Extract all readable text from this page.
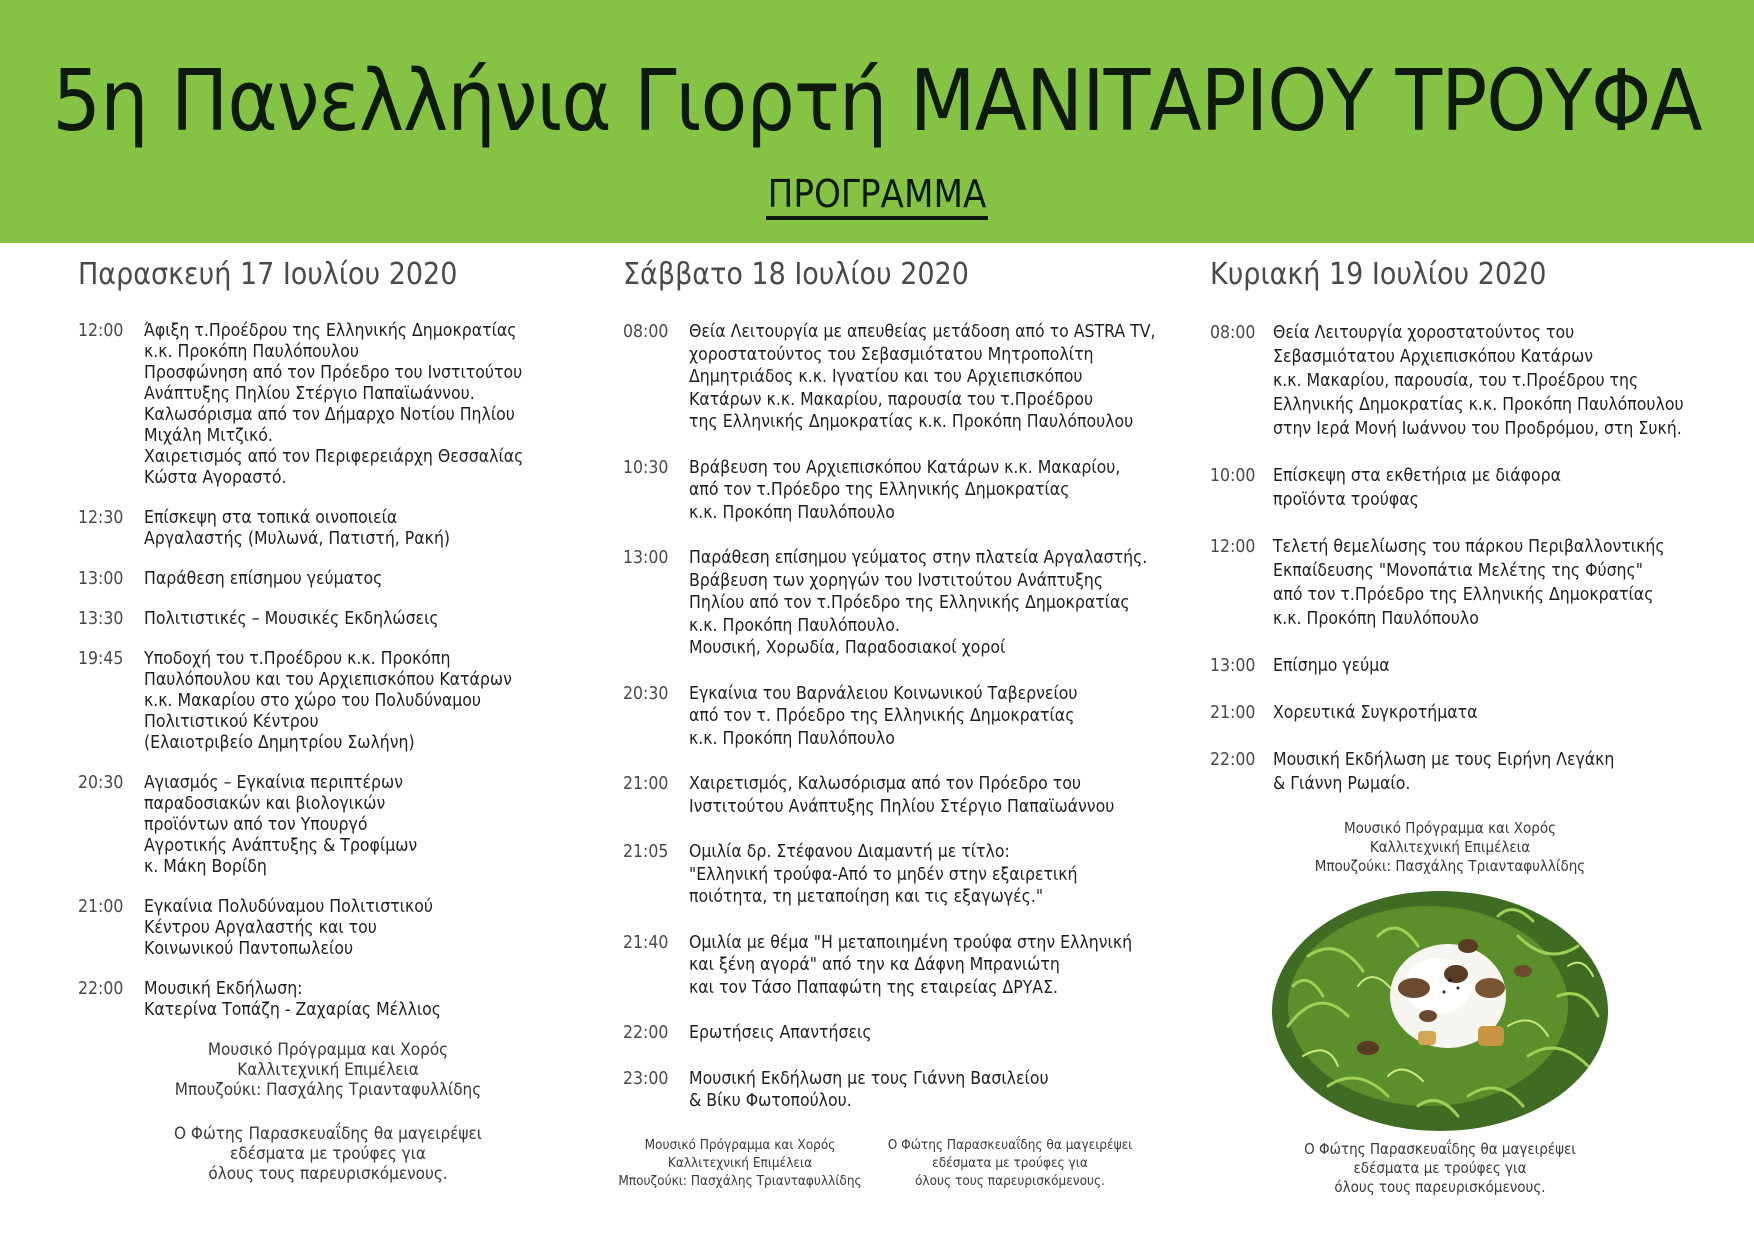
5η Πανελλήνια Γιορτή ΜΑΝΙΤΑΡΙΟΥ ΤΡΟΥΦΑ
ΠΡΟΓΡΑΜΜΑ
Παρασκευή 17 Ιουλίου 2020
12:00	Άφιξη τ.Προέδρου της Ελληνικής Δημοκρατίας
κ.κ. Προκόπη Παυλόπουλου
Προσφώνηση από τον Πρόεδρο του Ινστιτούτου
Ανάπτυξης Πηλίου Στέργιο Παπαϊωάννου.
Καλωσόρισμα από τον Δήμαρχο Νοτίου Πηλίου
Μιχάλη Μιτζικό.
Χαιρετισμός από τον Περιφερειάρχη Θεσσαλίας
Κώστα Αγοραστό.
12:30	Επίσκεψη στα τοπικά οινοποιεία
Αργαλαστής (Μυλωνά, Πατιστή, Ρακή)
13:00	Παράθεση επίσημου γεύματος
13:30	Πολιτιστικές – Μουσικές Εκδηλώσεις
19:45	Υποδοχή του τ.Προέδρου κ.κ. Προκόπη
Παυλόπουλου και του Αρχιεπισκόπου Κατάρων
κ.κ. Μακαρίου στο χώρο του Πολυδύναμου
Πολιτιστικού Κέντρου
(Ελαιοτριβείο Δημητρίου Σωλήνη)
20:30	Αγιασμός – Εγκαίνια περιπτέρων
παραδοσιακών και βιολογικών
προϊόντων από τον Υπουργό
Αγροτικής Ανάπτυξης & Τροφίμων
κ. Μάκη Βορίδη
21:00	Εγκαίνια Πολυδύναμου Πολιτιστικού
Κέντρου Αργαλαστής και του
Κοινωνικού Παντοπωλείου
22:00	Μουσική Εκδήλωση:
Κατερίνα Τοπάζη - Ζαχαρίας Μέλλιος
Μουσικό Πρόγραμμα και Χορός
Καλλιτεχνική Επιμέλεια
Μπουζούκι: Πασχάλης Τριανταφυλλίδης
Ο Φώτης Παρασκευαΐδης θα μαγειρέψει
εδέσματα με τρούφες για
όλους τους παρευρισκόμενους.
Σάββατο 18 Ιουλίου 2020
08:00	Θεία Λειτουργία με απευθείας μετάδοση από το ASTRA TV,
χοροστατούντος του Σεβασμιότατου Μητροπολίτη
Δημητριάδος κ.κ. Ιγνατίου και του Αρχιεπισκόπου
Κατάρων κ.κ. Μακαρίου, παρουσία του τ.Προέδρου
της Ελληνικής Δημοκρατίας κ.κ. Προκόπη Παυλόπουλου
10:30	Βράβευση του Αρχιεπισκόπου Κατάρων κ.κ. Μακαρίου,
από τον τ.Πρόεδρο της Ελληνικής Δημοκρατίας
κ.κ. Προκόπη Παυλόπουλο
13:00	Παράθεση επίσημου γεύματος στην πλατεία Αργαλαστής.
Βράβευση των χορηγών του Ινστιτούτου Ανάπτυξης
Πηλίου από τον τ.Πρόεδρο της Ελληνικής Δημοκρατίας
κ.κ. Προκόπη Παυλόπουλο.
Μουσική, Χορωδία, Παραδοσιακοί χοροί
20:30	Εγκαίνια του Βαρνάλειου Κοινωνικού Ταβερνείου
από τον τ. Πρόεδρο της Ελληνικής Δημοκρατίας
κ.κ. Προκόπη Παυλόπουλο
21:00	Χαιρετισμός, Καλωσόρισμα από τον Πρόεδρο του
Ινστιτούτου Ανάπτυξης Πηλίου Στέργιο Παπαϊωάννου
21:05	Ομιλία δρ. Στέφανου Διαμαντή με τίτλο:
"Ελληνική τρούφα-Από το μηδέν στην εξαιρετική
ποιότητα, τη μεταποίηση και τις εξαγωγές."
21:40	Ομιλία με θέμα "Η μεταποιημένη τρούφα στην Ελληνική
και ξένη αγορά" από την κα Δάφνη Μπρανιώτη
και τον Τάσο Παπαφώτη της εταιρείας ΔΡΥΑΣ.
22:00	Ερωτήσεις Απαντήσεις
23:00	Μουσική Εκδήλωση με τους Γιάννη Βασιλείου
& Βίκυ Φωτοπούλου.
Μουσικό Πρόγραμμα και Χορός
Καλλιτεχνική Επιμέλεια
Μπουζούκι: Πασχάλης Τριανταφυλλίδης
Ο Φώτης Παρασκευαΐδης θα μαγειρέψει
εδέσματα με τρούφες για
όλους τους παρευρισκόμενους.
Κυριακή 19 Ιουλίου 2020
08:00	Θεία Λειτουργία χοροστατούντος του
Σεβασμιότατου Αρχιεπισκόπου Κατάρων
κ.κ. Μακαρίου, παρουσία, του τ.Προέδρου της
Ελληνικής Δημοκρατίας κ.κ. Προκόπη Παυλόπουλου
στην Ιερά Μονή Ιωάννου του Προδρόμου, στη Συκή.
10:00	Επίσκεψη στα εκθετήρια με διάφορα
προϊόντα τρούφας
12:00	Τελετή θεμελίωσης του πάρκου Περιβαλλοντικής
Εκπαίδευσης "Μονοπάτια Μελέτης της Φύσης"
από τον τ.Πρόεδρο της Ελληνικής Δημοκρατίας
κ.κ. Προκόπη Παυλόπουλο
13:00	Επίσημο γεύμα
21:00	Χορευτικά Συγκροτήματα
22:00	Μουσική Εκδήλωση με τους Ειρήνη Λεγάκη
& Γιάννη Ρωμαίο.
Μουσικό Πρόγραμμα και Χορός
Καλλιτεχνική Επιμέλεια
Μπουζούκι: Πασχάλης Τριανταφυλλίδης
Ο Φώτης Παρασκευαΐδης θα μαγειρέψει
εδέσματα με τρούφες για
όλους τους παρευρισκόμενους.
